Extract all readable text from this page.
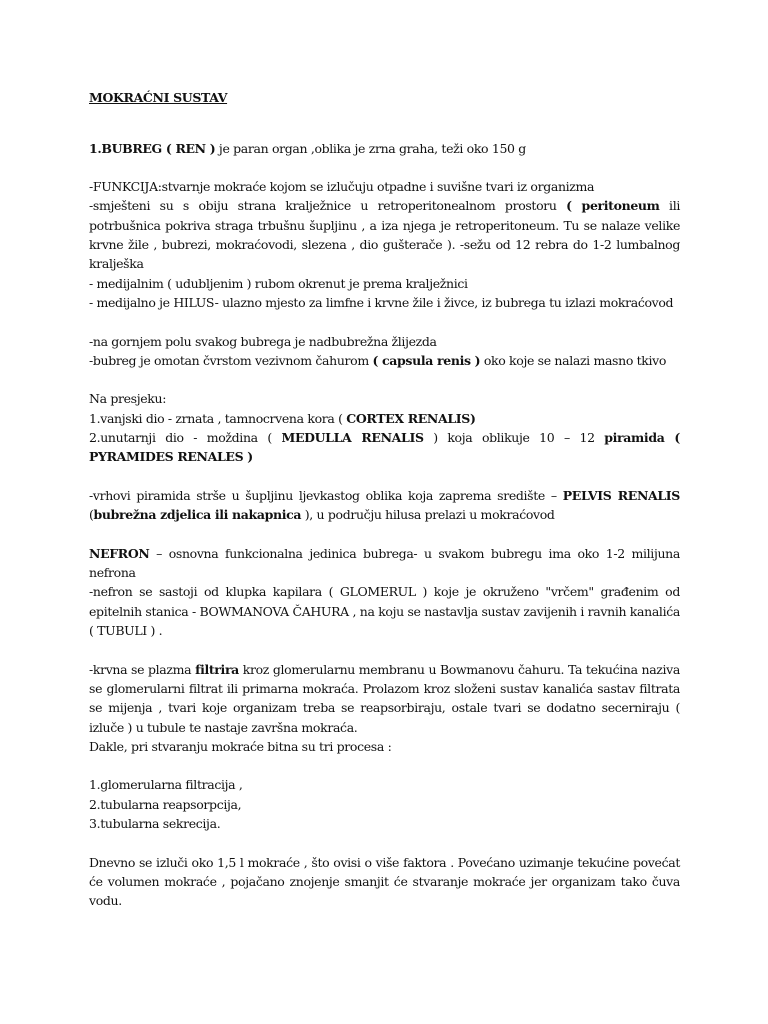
MOKRAĆNI SUSTAV

1.BUBREG ( REN ) je paran organ ,oblika je zrna graha, teži oko 150 g

-FUNKCIJA:stvarnje mokraće kojom se izlučuju otpadne i suvišne tvari iz organizma

-smješteni su s obiju strana kralježnice u retroperitonealnom prostoru ( peritoneum ili potrbušnica pokriva straga trbušnu šupljinu , a iza njega je retroperitoneum. Tu se nalaze velike krvne žile , bubrezi, mokraćovodi, slezena , dio gušterače ). -sežu od 12 rebra do 1-2 lumbalnog kralješka

- medijalnim ( udubljenim ) rubom okrenut je prema kralježnici

- medijalno je HILUS- ulazno mjesto za limfne i krvne žile i živce, iz bubrega tu izlazi mokraćovod

-na gornjem polu svakog bubrega je nadbubrežna žlijezda

-bubreg je omotan čvrstom vezivnom čahurom ( capsula renis ) oko koje se nalazi masno tkivo

Na presjeku:

1.vanjski dio - zrnata , tamnocrvena kora ( CORTEX RENALIS)

2.unutarnji dio - moždina ( MEDULLA RENALIS ) koja oblikuje 10 – 12 piramida ( PYRAMIDES RENALES )

-vrhovi piramida strše u šupljinu ljevkastog oblika koja zaprema središte – PELVIS RENALIS (bubrežna zdjelica ili nakapnica ), u području hilusa prelazi u mokraćovod

NEFRON – osnovna funkcionalna jedinica bubrega- u svakom bubregu ima oko 1-2 milijuna nefrona

-nefron se sastoji od klupka kapilara ( GLOMERUL ) koje je okruženo "vrčem" građenim od epitelnih stanica - BOWMANOVA ČAHURA , na koju se nastavlja sustav zavijenih i ravnih kanalića ( TUBULI ) .

-krvna se plazma filtrira kroz glomerularnu membranu u Bowmanovu čahuru. Ta tekućina naziva se glomerularni filtrat ili primarna mokraća. Prolazom kroz složeni sustav kanalića sastav filtrata se mijenja , tvari koje organizam treba se reapsorbiraju, ostale tvari se dodatno secerniraju ( izluče ) u tubule te nastaje završna mokraća.

Dakle, pri stvaranju mokraće bitna su tri procesa :

1.glomerularna filtracija ,

2.tubularna reapsorpcija,

3.tubularna sekrecija.

Dnevno se izluči oko 1,5 l mokraće , što ovisi o više faktora . Povećano uzimanje tekućine povećat će volumen mokraće , pojačano znojenje smanjit će stvaranje mokraće jer organizam tako čuva vodu.
